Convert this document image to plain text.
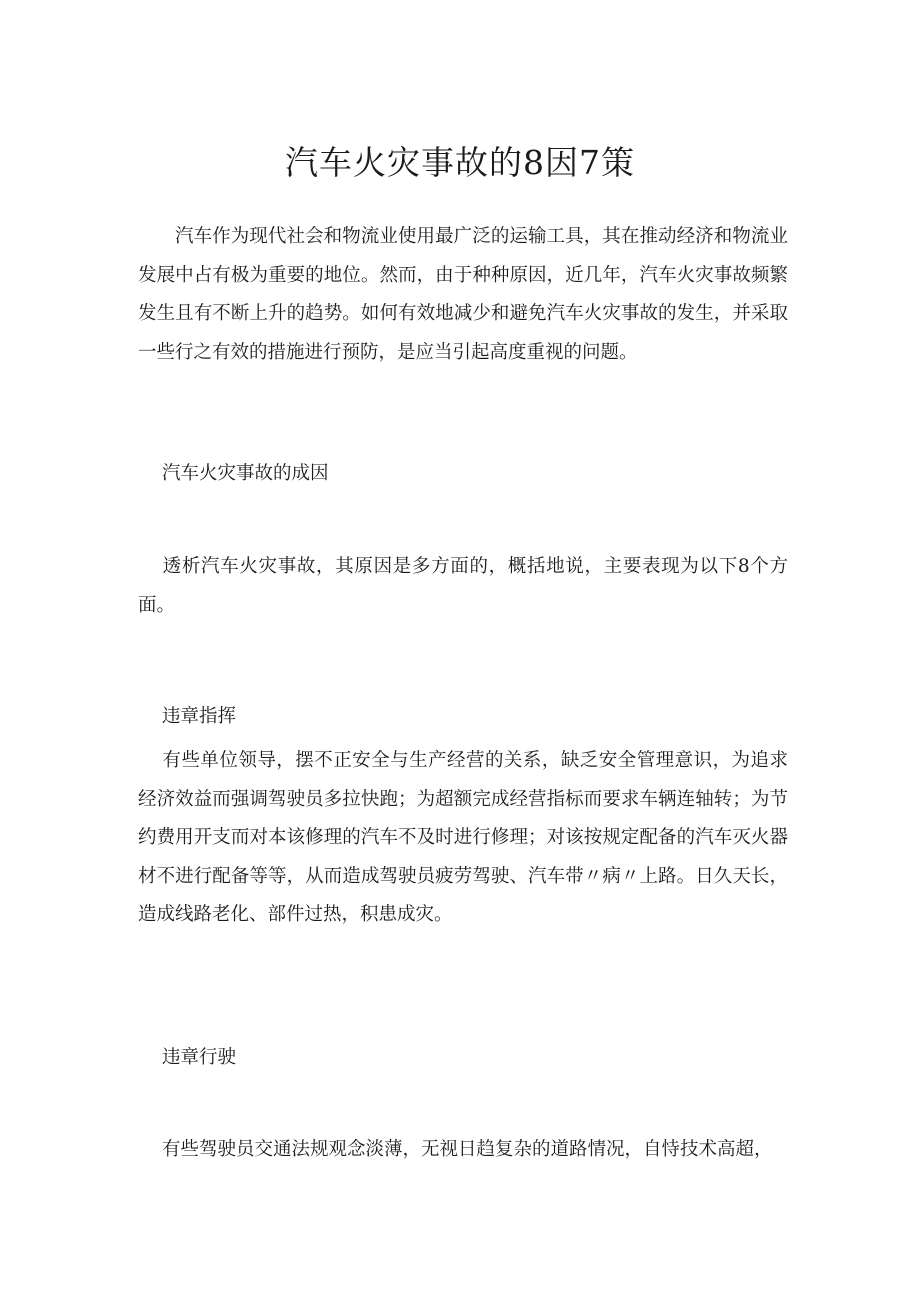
汽车火灾事故的8因7策

汽车作为现代社会和物流业使用最广泛的运输工具，其在推动经济和物流业发展中占有极为重要的地位。然而，由于种种原因，近几年，汽车火灾事故频繁发生且有不断上升的趋势。如何有效地减少和避免汽车火灾事故的发生，并采取一些行之有效的措施进行预防，是应当引起高度重视的问题。

汽车火灾事故的成因

透析汽车火灾事故，其原因是多方面的，概括地说，主要表现为以下8个方面。

违章指挥

有些单位领导，摆不正安全与生产经营的关系，缺乏安全管理意识，为追求经济效益而强调驾驶员多拉快跑；为超额完成经营指标而要求车辆连轴转；为节约费用开支而对本该修理的汽车不及时进行修理；对该按规定配备的汽车灭火器材不进行配备等等，从而造成驾驶员疲劳驾驶、汽车带〃病〃上路。日久天长，造成线路老化、部件过热，积患成灾。

违章行驶

有些驾驶员交通法规观念淡薄，无视日趋复杂的道路情况，自恃技术高超，
